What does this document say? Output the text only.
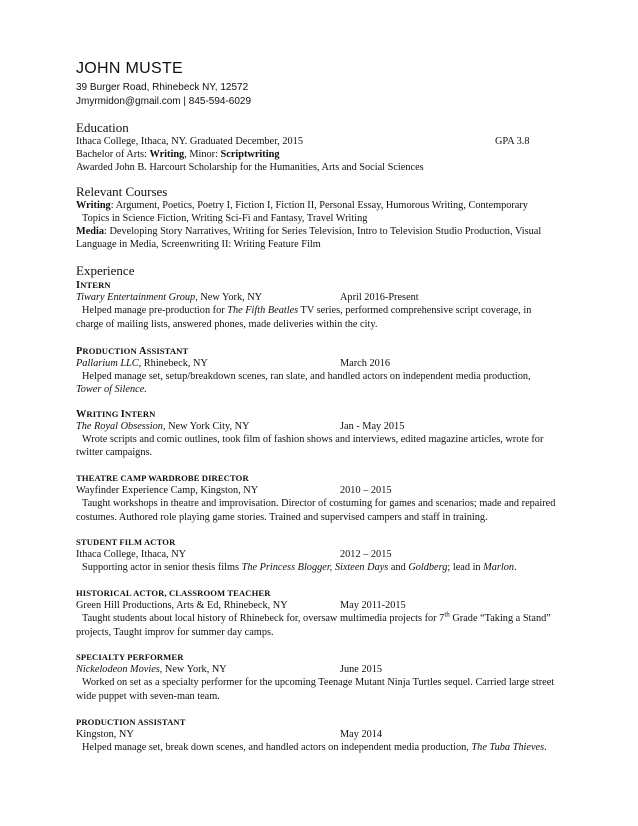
JOHN MUSTE
39 Burger Road, Rhinebeck NY, 12572
Jmyrmidon@gmail.com | 845-594-6029
Education
Ithaca College, Ithaca, NY. Graduated December, 2015	GPA 3.8
Bachelor of Arts: Writing, Minor: Scriptwriting
Awarded John B. Harcourt Scholarship for the Humanities, Arts and Social Sciences
Relevant Courses
Writing: Argument, Poetics, Poetry I, Fiction I, Fiction II, Personal Essay, Humorous Writing, Contemporary
Topics in Science Fiction, Writing Sci-Fi and Fantasy, Travel Writing
Media: Developing Story Narratives, Writing for Series Television, Intro to Television Studio Production, Visual
Language in Media, Screenwriting II: Writing Feature Film
Experience
INTERN
Tiwary Entertainment Group, New York, NY	April 2016-Present
Helped manage pre-production for The Fifth Beatles TV series, performed comprehensive script coverage, in
charge of mailing lists, answered phones, made deliveries within the city.
PRODUCTION ASSISTANT
Pallarium LLC, Rhinebeck, NY	March 2016
Helped manage set, setup/breakdown scenes, ran slate, and handled actors on independent media production,
Tower of Silence.
WRITING INTERN
The Royal Obsession, New York City, NY	Jan - May 2015
Wrote scripts and comic outlines, took film of fashion shows and interviews, edited magazine articles, wrote for
twitter campaigns.
THEATRE CAMP WARDROBE DIRECTOR
Wayfinder Experience Camp, Kingston, NY	2010 – 2015
Taught workshops in theatre and improvisation. Director of costuming for games and scenarios; made and repaired
costumes. Authored role playing game stories. Trained and supervised campers and staff in training.
STUDENT FILM ACTOR
Ithaca College, Ithaca, NY	2012 – 2015
Supporting actor in senior thesis films The Princess Blogger, Sixteen Days and Goldberg; lead in Marlon.
HISTORICAL ACTOR, CLASSROOM TEACHER
Green Hill Productions, Arts & Ed, Rhinebeck, NY	May 2011-2015
Taught students about local history of Rhinebeck for, oversaw multimedia projects for 7th Grade “Taking a Stand”
projects, Taught improv for summer day camps.
SPECIALTY PERFORMER
Nickelodeon Movies, New York, NY	June 2015
Worked on set as a specialty performer for the upcoming Teenage Mutant Ninja Turtles sequel. Carried large street
wide puppet with seven-man team.
PRODUCTION ASSISTANT
Kingston, NY	May 2014
Helped manage set, break down scenes, and handled actors on independent media production, The Tuba Thieves.
